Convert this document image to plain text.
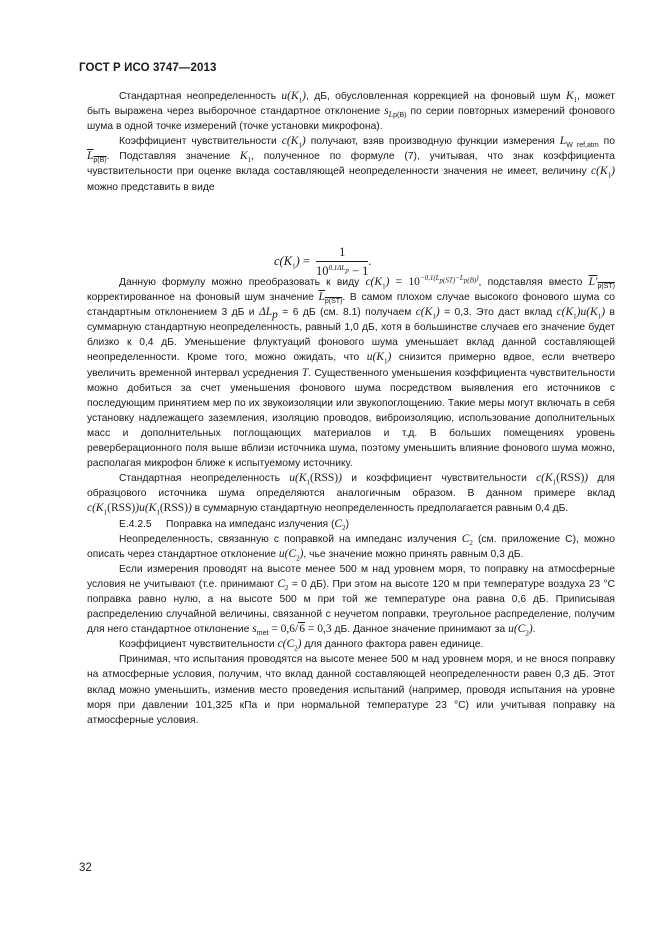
ГОСТ Р ИСО 3747—2013

Стандартная неопределенность $u(K_1)$, дБ, обусловленная коррекцией на фоновый шум $K_1$, может быть выражена через выборочное стандартное отклонение $s_{Lp(B)}$ по серии повторных измерений фонового шума в одной точке измерений (точке установки микрофона).

Коэффициент чувствительности $c(K_1)$ получают, взяв производную функции измерения $L_{W ref,atm}$ по $L_{p(B)}$. Подставляя значение $K_1$, полученное по формуле (7), учитывая, что знак коэффициента чувствительности при оценке вклада составляющей неопределенности значения не имеет, величину $c(K_1)$ можно представить в виде

$c(K_1) = \frac{1}{10^{0,1\Delta L_p} - 1}$ .

Данную формулу можно преобразовать к виду $c(K_1) = 10^{-0,1(L_{p(ST)}-L_{p(B)})}$, подставляя вместо $L'_{p(ST)}$ корректированное на фоновый шум значение $L_{p(ST)}$. В самом плохом случае высокого фонового шума со стандартным отклонением 3 дБ и $\Delta L_p = 6$ дБ (см. 8.1) получаем $c(K_1) = 0,3$. Это даст вклад $c(K_1)u(K_1)$ в суммарную стандартную неопределенность, равный 1,0 дБ, хотя в большинстве случаев его значение будет близко к 0,4 дБ. Уменьшение флуктуаций фонового шума уменьшает вклад данной составляющей неопределенности. Кроме того, можно ожидать, что $u(K_1)$ снизится примерно вдвое, если вчетверо увеличить временной интервал усреднения T. Существенного уменьшения коэффициента чувствительности можно добиться за счет уменьшения фонового шума посредством выявления его источников с последующим принятием мер по их звукоизоляции или звукопоглощению. Такие меры могут включать в себя установку надлежащего заземления, изоляцию проводов, виброизоляцию, использование дополнительных масс и дополнительных поглощающих материалов и т.д. В больших помещениях уровень реверберационного поля выше вблизи источника шума, поэтому уменьшить влияние фонового шума можно, располагая микрофон ближе к испытуемому источнику.

Стандартная неопределенность $u(K_1(RSS))$ и коэффициент чувствительности $c(K_1(RSS))$ для образцового источника шума определяются аналогичным образом. В данном примере вклад $c(K_1(RSS))u(K_1(RSS))$ в суммарную стандартную неопределенность предполагается равным 0,4 дБ.

E.4.2.5 Поправка на импеданс излучения $(C_2)$

Неопределенность, связанную с поправкой на импеданс излучения $C_2$ (см. приложение С), можно описать через стандартное отклонение $u(C_2)$, чье значение можно принять равным 0,3 дБ.

Если измерения проводят на высоте менее 500 м над уровнем моря, то поправку на атмосферные условия не учитывают (т.е. принимают $C_2 = 0$ дБ). При этом на высоте 120 м при температуре воздуха 23 °С поправка равно нулю, а на высоте 500 м при той же температуре она равна 0,6 дБ. Приписывая распределению случайной величины, связанной с неучетом поправки, треугольное распределение, получим для него стандартное отклонение $s_{met} = 0,6/6 = 0,3$ дБ. Данное значение принимают за $u(C_2)$.

Коэффициент чувствительности $c(C_2)$ для данного фактора равен единице.

Принимая, что испытания проводятся на высоте менее 500 м над уровнем моря, и не внося поправку на атмосферные условия, получим, что вклад данной составляющей неопределенности равен 0,3 дБ. Этот вклад можно уменьшить, изменив место проведения испытаний (например, проводя испытания на уровне моря при давлении 101,325 кПа и при нормальной температуре 23 °С) или учитывая поправку на атмосферные условия.

32
